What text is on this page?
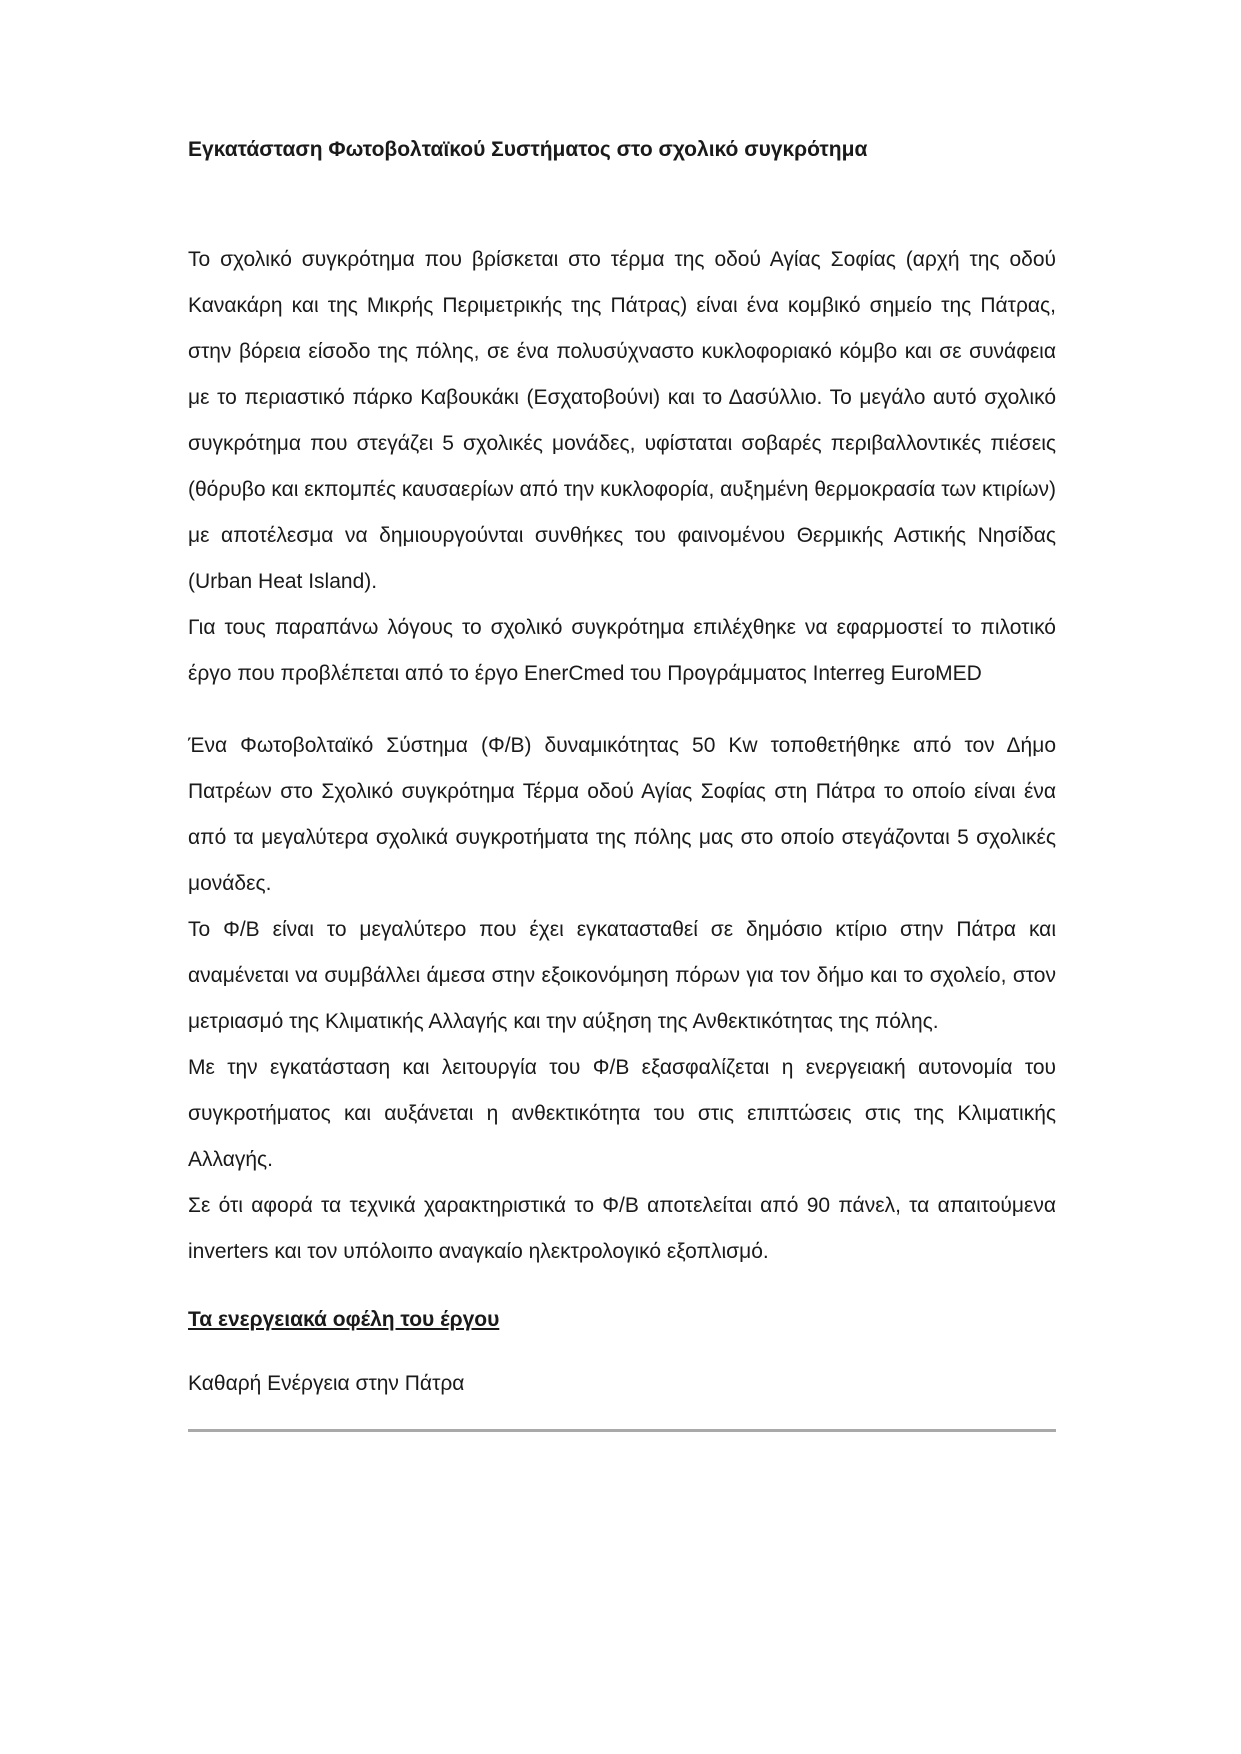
Εγκατάσταση Φωτοβολταϊκού Συστήματος στο σχολικό συγκρότημα

Το σχολικό συγκρότημα που βρίσκεται στο τέρμα της οδού Αγίας Σοφίας (αρχή της οδού Κανακάρη και της Μικρής Περιμετρικής της Πάτρας) είναι ένα κομβικό σημείο της Πάτρας, στην βόρεια είσοδο της πόλης, σε ένα πολυσύχναστο κυκλοφοριακό κόμβο και σε συνάφεια με το περιαστικό πάρκο Καβουκάκι (Εσχατοβούνι) και το Δασύλλιο. Το μεγάλο αυτό σχολικό συγκρότημα που στεγάζει 5 σχολικές μονάδες, υφίσταται σοβαρές περιβαλλοντικές πιέσεις (θόρυβο και εκπομπές καυσαερίων από την κυκλοφορία, αυξημένη θερμοκρασία των κτιρίων) με αποτέλεσμα να δημιουργούνται συνθήκες του φαινομένου Θερμικής Αστικής Νησίδας (Urban Heat Island).

Για τους παραπάνω λόγους το σχολικό συγκρότημα επιλέχθηκε να εφαρμοστεί το πιλοτικό έργο που προβλέπεται από το έργο EnerCmed του Προγράμματος Interreg EuroMED

Ένα Φωτοβολταϊκό Σύστημα (Φ/Β) δυναμικότητας 50 Kw τοποθετήθηκε από τον Δήμο Πατρέων στο Σχολικό συγκρότημα Τέρμα οδού Αγίας Σοφίας στη Πάτρα το οποίο είναι ένα από τα μεγαλύτερα σχολικά συγκροτήματα της πόλης μας στο οποίο στεγάζονται 5 σχολικές μονάδες.

Το Φ/Β είναι το μεγαλύτερο που έχει εγκατασταθεί σε δημόσιο κτίριο στην Πάτρα και αναμένεται να συμβάλλει άμεσα στην εξοικονόμηση πόρων για τον δήμο και το σχολείο, στον μετριασμό της Κλιματικής Αλλαγής και την αύξηση της Ανθεκτικότητας της πόλης.

Με την εγκατάσταση και λειτουργία του Φ/Β εξασφαλίζεται η ενεργειακή αυτονομία του συγκροτήματος και αυξάνεται η ανθεκτικότητα του στις επιπτώσεις στις της Κλιματικής Αλλαγής.

Σε ότι αφορά τα τεχνικά χαρακτηριστικά το Φ/Β αποτελείται από 90 πάνελ, τα απαιτούμενα inverters και τον υπόλοιπο αναγκαίο ηλεκτρολογικό εξοπλισμό.

Τα ενεργειακά οφέλη του έργου

Καθαρή Ενέργεια στην Πάτρα
